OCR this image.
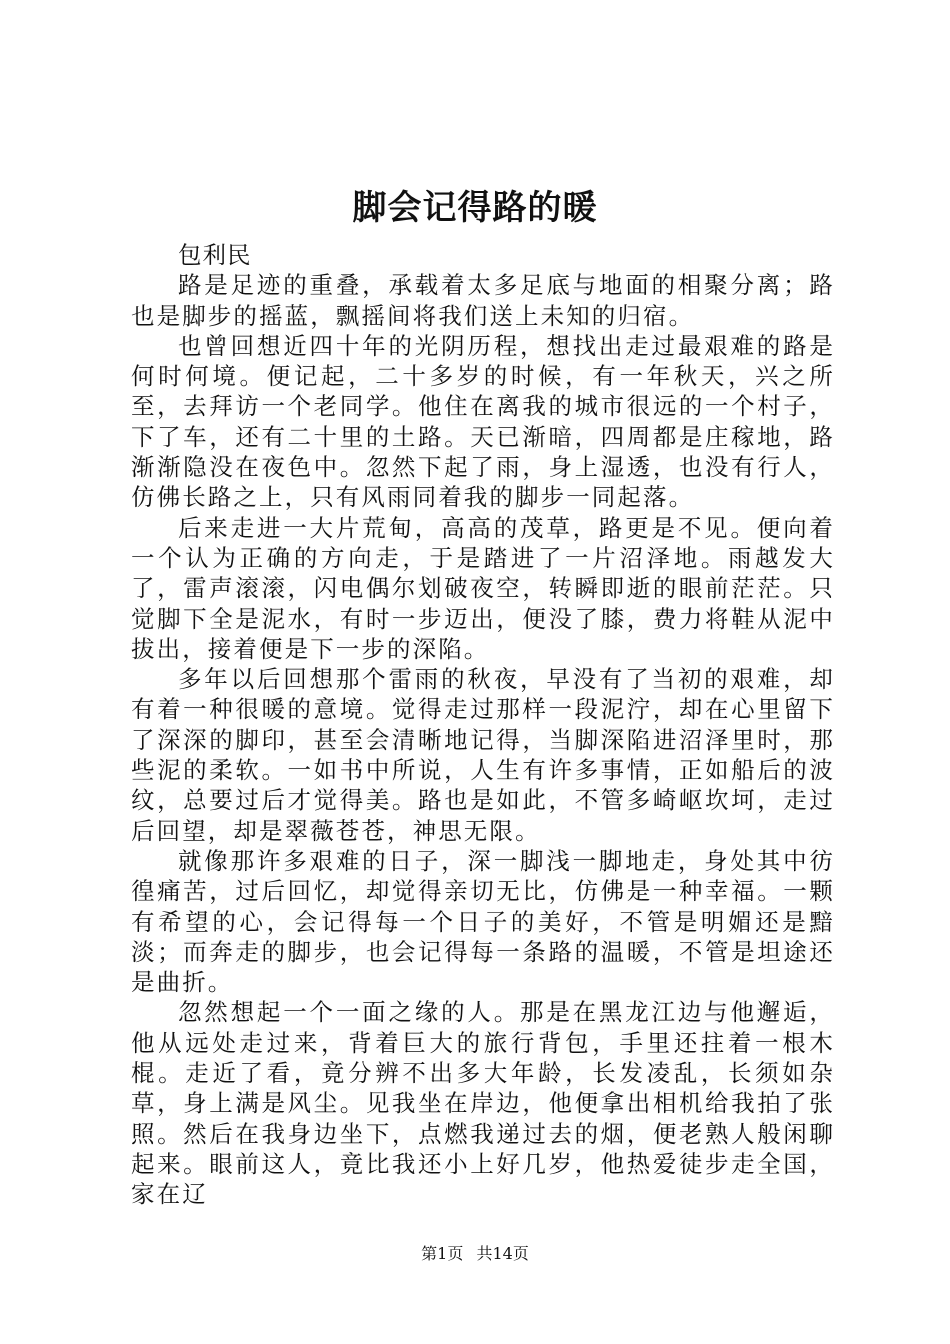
脚会记得路的暖

包利民

路是足迹的重叠，承载着太多足底与地面的相聚分离；路也是脚步的摇蓝，飘摇间将我们送上未知的归宿。

也曾回想近四十年的光阴历程，想找出走过最艰难的路是何时何境。便记起，二十多岁的时候，有一年秋天，兴之所至，去拜访一个老同学。他住在离我的城市很远的一个村子，下了车，还有二十里的土路。天已渐暗，四周都是庄稼地，路渐渐隐没在夜色中。忽然下起了雨，身上湿透，也没有行人，仿佛长路之上，只有风雨同着我的脚步一同起落。

后来走进一大片荒甸，高高的茂草，路更是不见。便向着一个认为正确的方向走，于是踏进了一片沼泽地。雨越发大了，雷声滚滚，闪电偶尔划破夜空，转瞬即逝的眼前茫茫。只觉脚下全是泥水，有时一步迈出，便没了膝，费力将鞋从泥中拔出，接着便是下一步的深陷。

多年以后回想那个雷雨的秋夜，早没有了当初的艰难，却有着一种很暖的意境。觉得走过那样一段泥泞，却在心里留下了深深的脚印，甚至会清晰地记得，当脚深陷进沼泽里时，那些泥的柔软。一如书中所说，人生有许多事情，正如船后的波纹，总要过后才觉得美。路也是如此，不管多崎岖坎坷，走过后回望，却是翠薇苍苍，神思无限。

就像那许多艰难的日子，深一脚浅一脚地走，身处其中彷徨痛苦，过后回忆，却觉得亲切无比，仿佛是一种幸福。一颗有希望的心，会记得每一个日子的美好，不管是明媚还是黯淡；而奔走的脚步，也会记得每一条路的温暖，不管是坦途还是曲折。

忽然想起一个一面之缘的人。那是在黑龙江边与他邂逅，他从远处走过来，背着巨大的旅行背包，手里还拄着一根木棍。走近了看，竟分辨不出多大年龄，长发凌乱，长须如杂草，身上满是风尘。见我坐在岸边，他便拿出相机给我拍了张照。然后在我身边坐下，点燃我递过去的烟，便老熟人般闲聊起来。眼前这人，竟比我还小上好几岁，他热爱徒步走全国，家在辽

第1页 共14页
